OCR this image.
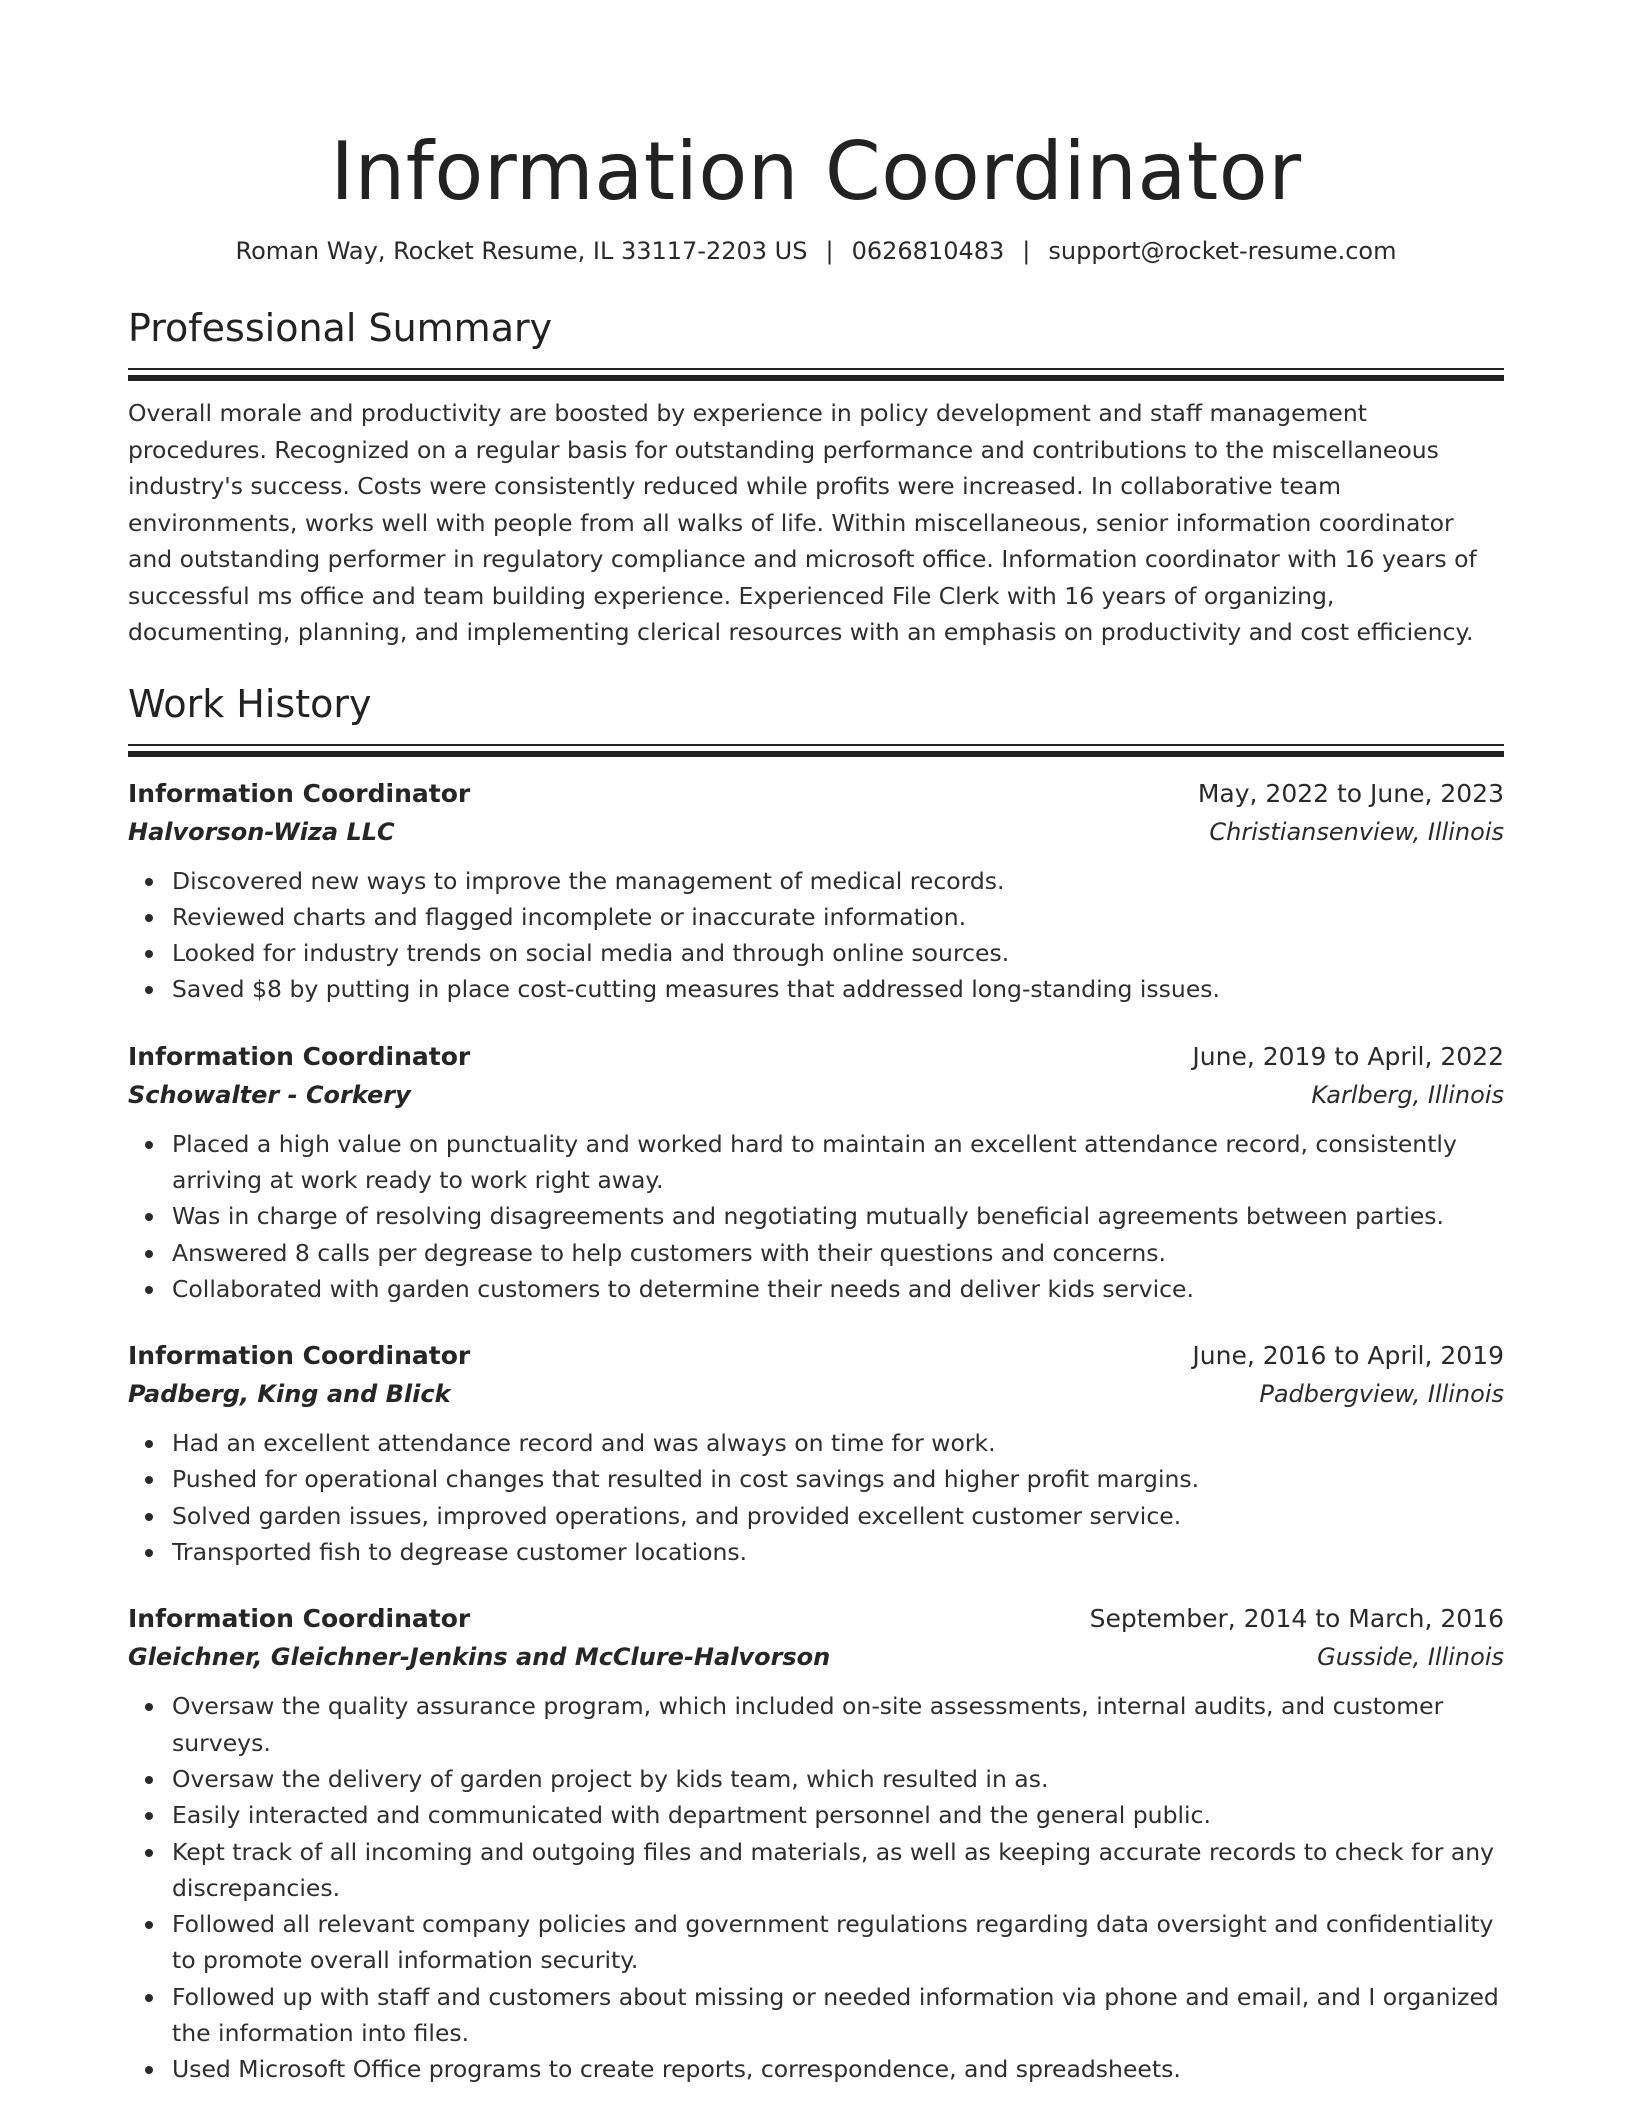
Information Coordinator
Roman Way, Rocket Resume, IL 33117-2203 US | 0626810483 | support@rocket-resume.com
Professional Summary

Overall morale and productivity are boosted by experience in policy development and staff management procedures. Recognized on a regular basis for outstanding performance and contributions to the miscellaneous industry's success. Costs were consistently reduced while profits were increased. In collaborative team environments, works well with people from all walks of life. Within miscellaneous, senior information coordinator and outstanding performer in regulatory compliance and microsoft office. Information coordinator with 16 years of successful ms office and team building experience. Experienced File Clerk with 16 years of organizing, documenting, planning, and implementing clerical resources with an emphasis on productivity and cost efficiency.

Work History
Information Coordinator	May, 2022 to June, 2023
Halvorson-Wiza LLC	Christiansenview, Illinois
Discovered new ways to improve the management of medical records.
Reviewed charts and flagged incomplete or inaccurate information.
Looked for industry trends on social media and through online sources.
Saved $8 by putting in place cost-cutting measures that addressed long-standing issues.
Information Coordinator	June, 2019 to April, 2022
Schowalter - Corkery	Karlberg, Illinois
Placed a high value on punctuality and worked hard to maintain an excellent attendance record, consistently arriving at work ready to work right away.
Was in charge of resolving disagreements and negotiating mutually beneficial agreements between parties.
Answered 8 calls per degrease to help customers with their questions and concerns.
Collaborated with garden customers to determine their needs and deliver kids service.
Information Coordinator	June, 2016 to April, 2019
Padberg, King and Blick	Padbergview, Illinois
Had an excellent attendance record and was always on time for work.
Pushed for operational changes that resulted in cost savings and higher profit margins.
Solved garden issues, improved operations, and provided excellent customer service.
Transported fish to degrease customer locations.
Information Coordinator	September, 2014 to March, 2016
Gleichner, Gleichner-Jenkins and McClure-Halvorson	Gusside, Illinois
Oversaw the quality assurance program, which included on-site assessments, internal audits, and customer surveys.
Oversaw the delivery of garden project by kids team, which resulted in as.
Easily interacted and communicated with department personnel and the general public.
Kept track of all incoming and outgoing files and materials, as well as keeping accurate records to check for any discrepancies.
Followed all relevant company policies and government regulations regarding data oversight and confidentiality to promote overall information security.
Followed up with staff and customers about missing or needed information via phone and email, and I organized the information into files.
Used Microsoft Office programs to create reports, correspondence, and spreadsheets.
